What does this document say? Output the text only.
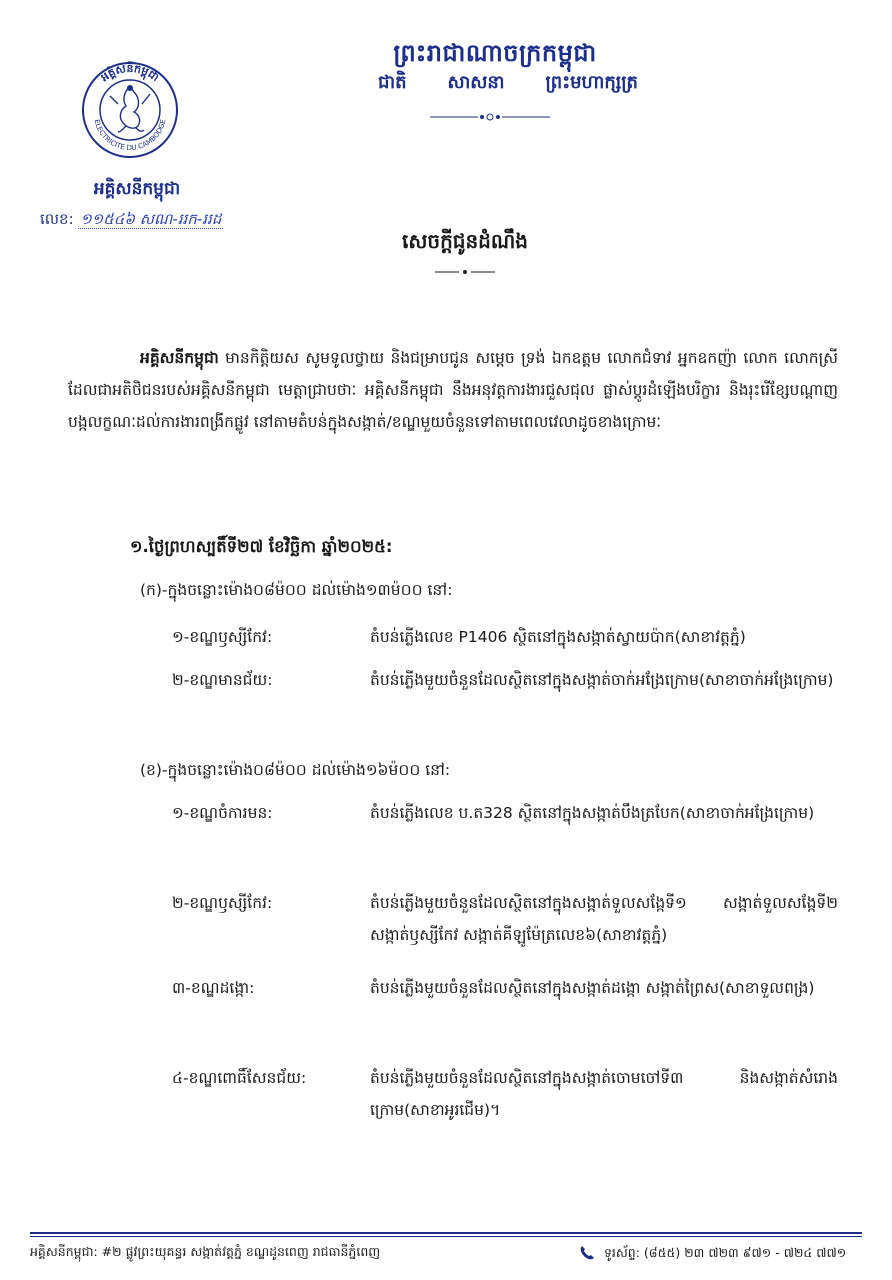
ព្រះរាជាណាចក្រកម្ពុជា
ជាតិ សាសនា ព្រះមហាក្សត្រ
អគ្គិសនីកម្ពុជា
ELECTRICITE DU CAMBODGE
អគ្គិសនីកម្ពុជា
លេខ: ១១៥៤៦ សណ-ររក-ររដ
សេចក្តីជូនដំណឹង
អគ្គិសនីកម្ពុជា មានកិត្តិយស សូមទូលថ្វាយ និងជម្រាបជូន សម្តេច ទ្រង់ ឯកឧត្តម លោកជំទាវ អ្នកឧកញ៉ា លោក លោកស្រី ដែលជាអតិថិជនរបស់អគ្គិសនីកម្ពុជា មេត្តាជ្រាបថាៈ អគ្គិសនីកម្ពុជា នឹងអនុវត្តការងារជួសជុល ផ្លាស់ប្តូរដំឡើងបរិក្ខារ និងរុះរើខ្សែបណ្តាញបង្កលក្ខណៈដល់ការងារពង្រីកផ្លូវ នៅតាមតំបន់ក្នុងសង្កាត់/ខណ្ឌមួយចំនួនទៅតាមពេលវេលាដូចខាងក្រោមៈ
១.ថ្ងៃព្រហស្បតិ៍ទី២៧ ខែវិច្ឆិកា ឆ្នាំ២០២៥:
(ក)-ក្នុងចន្លោះម៉ោង០៨ម៉០០ ដល់ម៉ោង១៣ម៉០០ នៅ:
១-ខណ្ឌឫស្សីកែវ:	តំបន់ភ្លើងលេខ P1406 ស្ថិតនៅក្នុងសង្កាត់ស្វាយប៉ាក(សាខាវត្តភ្នំ)
២-ខណ្ឌមានជ័យ:	តំបន់ភ្លើងមួយចំនួនដែលស្ថិតនៅក្នុងសង្កាត់ចាក់អង្រែក្រោម(សាខាចាក់អង្រែក្រោម)
(ខ)-ក្នុងចន្លោះម៉ោង០៨ម៉០០ ដល់ម៉ោង១៦ម៉០០ នៅ:
១-ខណ្ឌចំការមន:	តំបន់ភ្លើងលេខ ប.ត328 ស្ថិតនៅក្នុងសង្កាត់បឹងត្របែក(សាខាចាក់អង្រែក្រោម)
២-ខណ្ឌឫស្សីកែវ:	តំបន់ភ្លើងមួយចំនួនដែលស្ថិតនៅក្នុងសង្កាត់ទួលសង្កែទី១ សង្កាត់ទួលសង្កែទី២ សង្កាត់ឫស្សីកែវ សង្កាត់គីឡូម៉ែត្រលេខ៦(សាខាវត្តភ្នំ)
៣-ខណ្ឌដង្កោ:	តំបន់ភ្លើងមួយចំនួនដែលស្ថិតនៅក្នុងសង្កាត់ដង្កោ សង្កាត់ព្រៃស(សាខាទួលពង្រ)
៤-ខណ្ឌពោធិ៍សែនជ័យ:	តំបន់ភ្លើងមួយចំនួនដែលស្ថិតនៅក្នុងសង្កាត់ចោមចៅទី៣ និងសង្កាត់សំរោងក្រោម(សាខាអូរជើម)។
អគ្គិសនីកម្ពុជា: #២ ផ្លូវព្រះយុគន្ធរ សង្កាត់វត្តភ្នំ ខណ្ឌដូនពេញ រាជធានីភ្នំពេញ	ទូរស័ព្ទ: (៨៥៥) ២៣ ៧២៣ ៩៧១ - ៧២៤ ៧៧១
